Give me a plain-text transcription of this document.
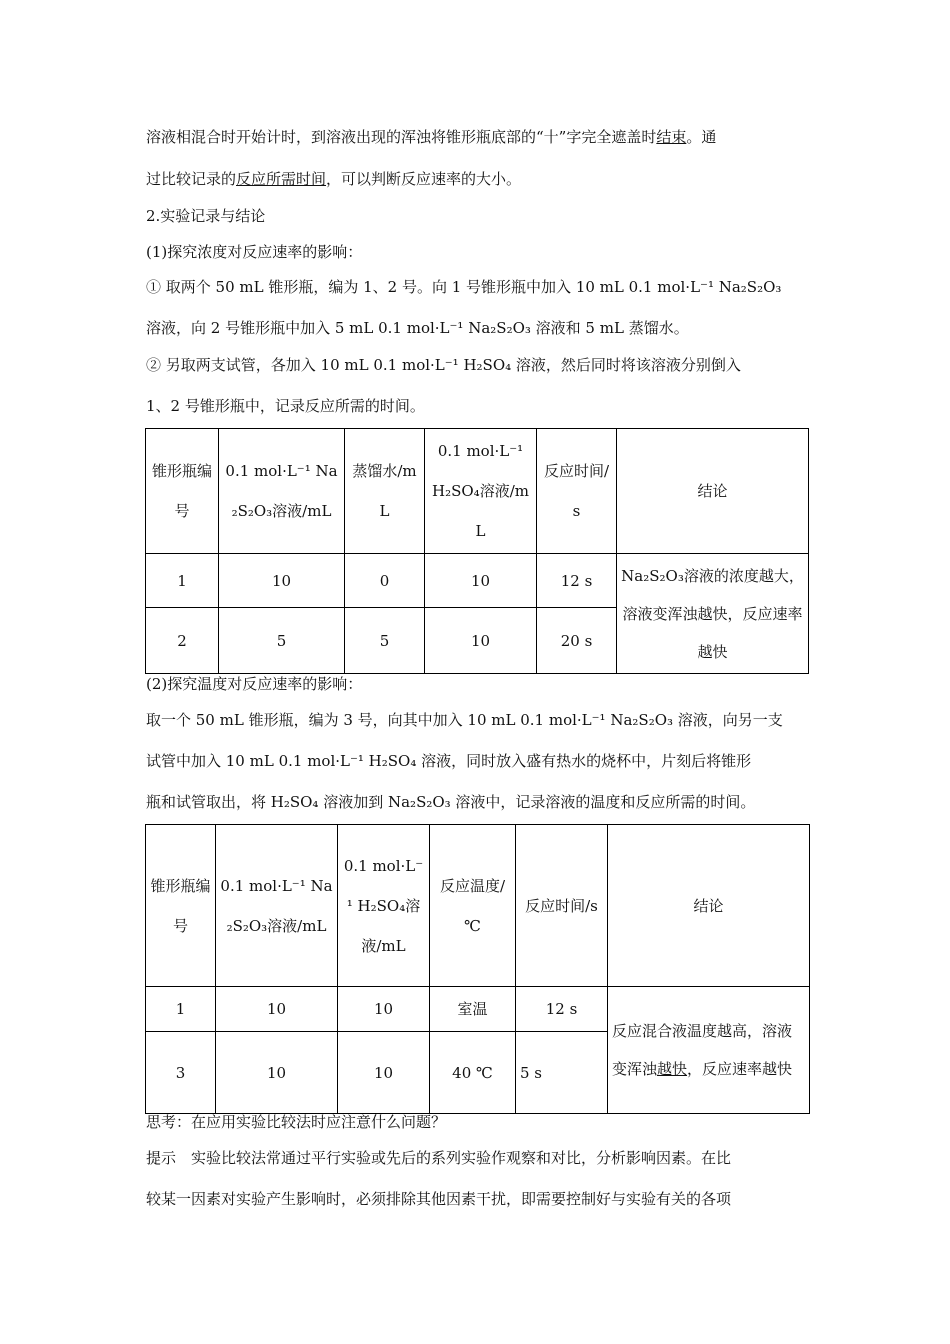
溶液相混合时开始计时，到溶液出现的浑浊将锥形瓶底部的“十”字完全遮盖时结束。通
过比较记录的反应所需时间，可以判断反应速率的大小。
2.实验记录与结论
(1)探究浓度对反应速率的影响：
① 取两个 50 mL 锥形瓶，编为 1、2 号。向 1 号锥形瓶中加入 10 mL 0.1 mol·L⁻¹ Na₂S₂O₃
溶液，向 2 号锥形瓶中加入 5 mL 0.1 mol·L⁻¹ Na₂S₂O₃ 溶液和 5 mL 蒸馏水。
② 另取两支试管，各加入 10 mL 0.1 mol·L⁻¹ H₂SO₄ 溶液，然后同时将该溶液分别倒入
1、2 号锥形瓶中，记录反应所需的时间。
锥形瓶编号	0.1 mol·L⁻¹ Na₂S₂O₃溶液/mL	蒸馏水/mL	0.1 mol·L⁻¹ H₂SO₄溶液/mL	反应时间/s	结论
1	10	0	10	12 s	Na₂S₂O₃溶液的浓度越大，溶液变浑浊越快，反应速率越快
2	5	5	10	20 s	
(2)探究温度对反应速率的影响：
取一个 50 mL 锥形瓶，编为 3 号，向其中加入 10 mL 0.1 mol·L⁻¹ Na₂S₂O₃ 溶液，向另一支
试管中加入 10 mL 0.1 mol·L⁻¹ H₂SO₄ 溶液，同时放入盛有热水的烧杯中，片刻后将锥形
瓶和试管取出，将 H₂SO₄ 溶液加到 Na₂S₂O₃ 溶液中，记录溶液的温度和反应所需的时间。
锥形瓶编号	0.1 mol·L⁻¹ Na₂S₂O₃溶液/mL	0.1 mol·L⁻¹ H₂SO₄溶液/mL	反应温度/℃	反应时间/s	结论
1	10	10	室温	12 s	反应混合液温度越高，溶液变浑浊越快，反应速率越快
3	10	10	40 ℃	5 s	
思考：在应用实验比较法时应注意什么问题？
提示　实验比较法常通过平行实验或先后的系列实验作观察和对比，分析影响因素。在比
较某一因素对实验产生影响时，必须排除其他因素干扰，即需要控制好与实验有关的各项
